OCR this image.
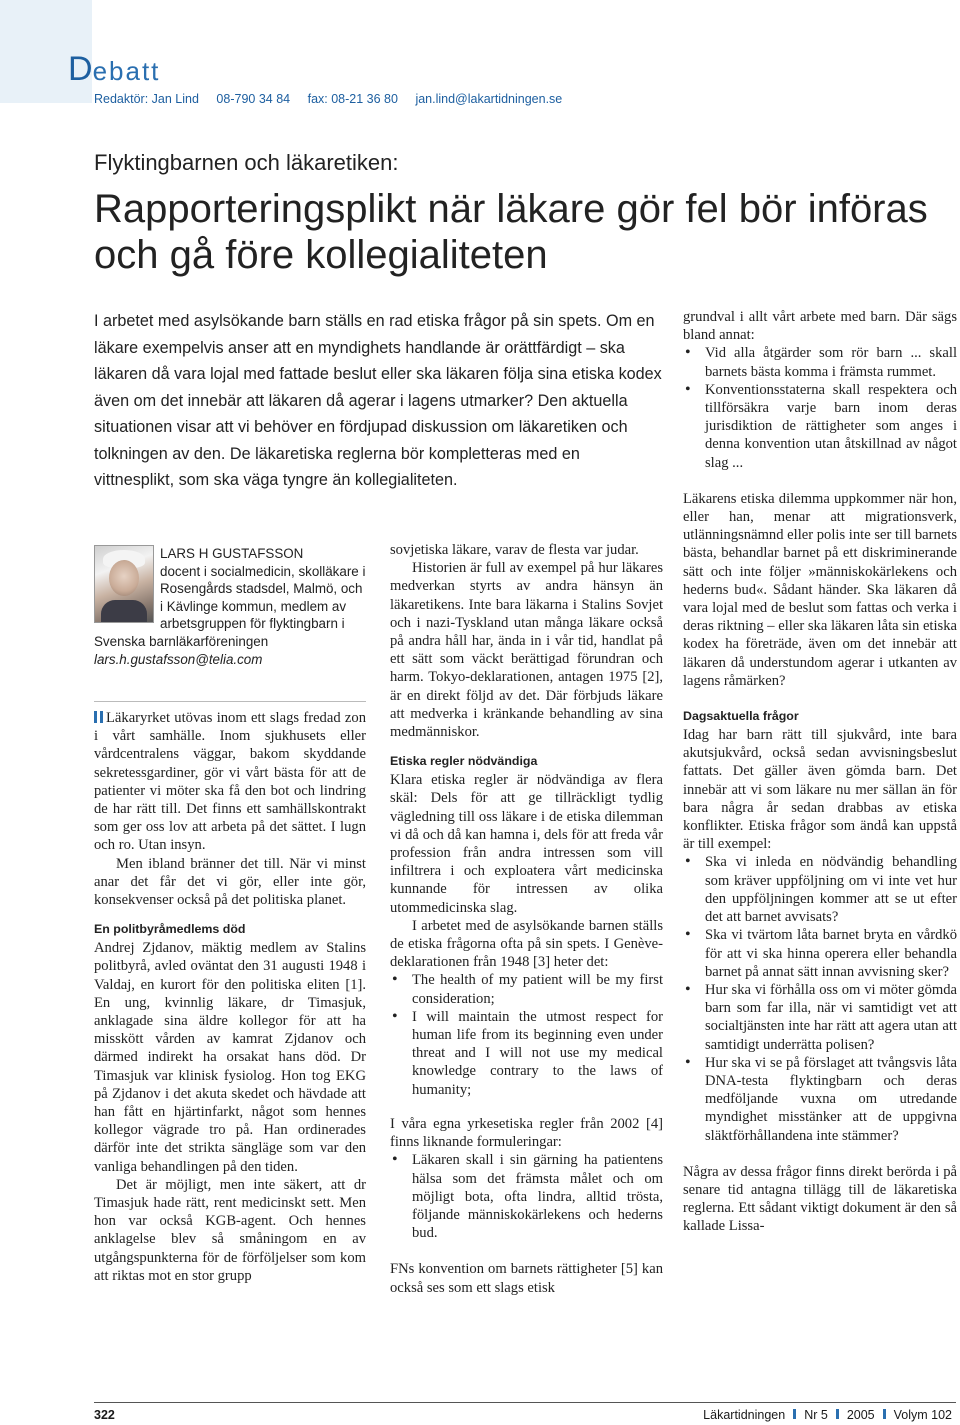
Debatt
Redaktör: Jan Lind 08-790 34 84 fax: 08-21 36 80 jan.lind@lakartidningen.se
Flyktingbarnen och läkaretiken:
Rapporteringsplikt när läkare gör fel bör införas och gå före kollegialiteten
I arbetet med asylsökande barn ställs en rad etiska frågor på sin spets. Om en läkare exempelvis anser att en myndighets handlande är orättfärdigt – ska läkaren då vara lojal med fattade beslut eller ska läkaren följa sina etiska kodex även om det innebär att läkaren då agerar i lagens utmarker? Den aktuella situationen visar att vi behöver en fördjupad diskussion om läkaretiken och tolkningen av den. De läkaretiska reglerna bör kompletteras med en vittnesplikt, som ska väga tyngre än kollegialiteten.
LARS H GUSTAFSSON
docent i socialmedicin, skolläkare i Rosengårds stadsdel, Malmö, och i Kävlinge kommun, medlem av arbetsgruppen för flyktingbarn i Svenska barnläkarföreningen
lars.h.gustafsson@telia.com

Läkaryrket utövas inom ett slags fredad zon i vårt samhälle. Inom sjukhusets eller vårdcentralens väggar, bakom skyddande sekretessgardiner, gör vi vårt bästa för att de patienter vi möter ska få den bot och lindring de har rätt till. Det finns ett samhällskontrakt som ger oss lov att arbeta på det sättet. I lugn och ro. Utan insyn.

Men ibland bränner det till. När vi minst anar det får det vi gör, eller inte gör, konsekvenser också på det politiska planet.

En politbyråmedlems död

Andrej Zjdanov, mäktig medlem av Stalins politbyrå, avled oväntat den 31 augusti 1948 i Valdaj, en kurort för den politiska eliten [1]. En ung, kvinnlig läkare, dr Timasjuk, anklagade sina äldre kollegor för att ha misskött vården av kamrat Zjdanov och därmed indirekt ha orsakat hans död. Dr Timasjuk var klinisk fysiolog. Hon tog EKG på Zjdanov i det akuta skedet och hävdade att han fått en hjärtinfarkt, något som hennes kollegor vägrade tro på. Han ordinerades därför inte det strikta sängläge som var den vanliga behandlingen på den tiden.

Det är möjligt, men inte säkert, att dr Timasjuk hade rätt, rent medicinskt sett. Men hon var också KGB-agent. Och hennes anklagelse blev så småningom en av utgångspunkterna för de förföljelser som kom att riktas mot en stor grupp

sovjetiska läkare, varav de flesta var judar.

Historien är full av exempel på hur läkares medverkan styrts av andra hänsyn än läkaretikens. Inte bara läkarna i Stalins Sovjet och i nazi-Tyskland utan många läkare också på andra håll har, ända in i vår tid, handlat på ett sätt som väckt berättigad förundran och harm. Tokyo-deklarationen, antagen 1975 [2], är en direkt följd av det. Där förbjuds läkare att medverka i kränkande behandling av sina medmänniskor.

Etiska regler nödvändiga

Klara etiska regler är nödvändiga av flera skäl: Dels för att ge tillräckligt tydlig vägledning till oss läkare i de etiska dilemman vi då och då kan hamna i, dels för att freda vår profession från andra intressen som vill infiltrera i och exploatera vårt medicinska kunnande för intressen av olika utommedicinska slag.

I arbetet med de asylsökande barnen ställs de etiska frågorna ofta på sin spets. I Genève-deklarationen från 1948 [3] heter det:

• The health of my patient will be my first consideration;
• I will maintain the utmost respect for human life from its beginning even under threat and I will not use my medical knowledge contrary to the laws of humanity;

I våra egna yrkesetiska regler från 2002 [4] finns liknande formuleringar:

• Läkaren skall i sin gärning ha patientens hälsa som det främsta målet och om möjligt bota, ofta lindra, alltid trösta, följande människokärlekens och hederns bud.

FNs konvention om barnets rättigheter [5] kan också ses som ett slags etisk

grundval i allt vårt arbete med barn. Där sägs bland annat:

• Vid alla åtgärder som rör barn ... skall barnets bästa komma i främsta rummet.
• Konventionsstaterna skall respektera och tillförsäkra varje barn inom deras jurisdiktion de rättigheter som anges i denna konvention utan åtskillnad av något slag ...

Läkarens etiska dilemma uppkommer när hon, eller han, menar att migrationsverk, utlänningsnämnd eller polis inte ser till barnets bästa, behandlar barnet på ett diskriminerande sätt och inte följer »människokärlekens och hederns bud«. Sådant händer. Ska läkaren då vara lojal med de beslut som fattas och verka i deras riktning – eller ska läkaren låta sin etiska kodex ha företräde, även om det innebär att läkaren då understundom agerar i utkanten av lagens råmärken?

Dagsaktuella frågor

Idag har barn rätt till sjukvård, inte bara akutsjukvård, också sedan avvisningsbeslut fattats. Det gäller även gömda barn. Det innebär att vi som läkare nu mer sällan än för bara några år sedan drabbas av etiska konflikter. Etiska frågor som ändå kan uppstå är till exempel:

• Ska vi inleda en nödvändig behandling som kräver uppföljning om vi inte vet hur den uppföljningen kommer att se ut efter det att barnet avvisats?
• Ska vi tvärtom låta barnet bryta en vårdkö för att vi ska hinna operera eller behandla barnet på annat sätt innan avvisning sker?
• Hur ska vi förhålla oss om vi möter gömda barn som far illa, när vi samtidigt vet att socialtjänsten inte har rätt att agera utan att samtidigt underrätta polisen?
• Hur ska vi se på förslaget att tvångsvis låta DNA-testa flyktingbarn och deras medföljande vuxna om utredande myndighet misstänker att de uppgivna släktförhållandena inte stämmer?

Några av dessa frågor finns direkt berörda i på senare tid antagna tillägg till de läkaretiska reglerna. Ett sådant viktigt dokument är den så kallade Lissa-

322	Läkartidningen Nr 5 2005 Volym 102
